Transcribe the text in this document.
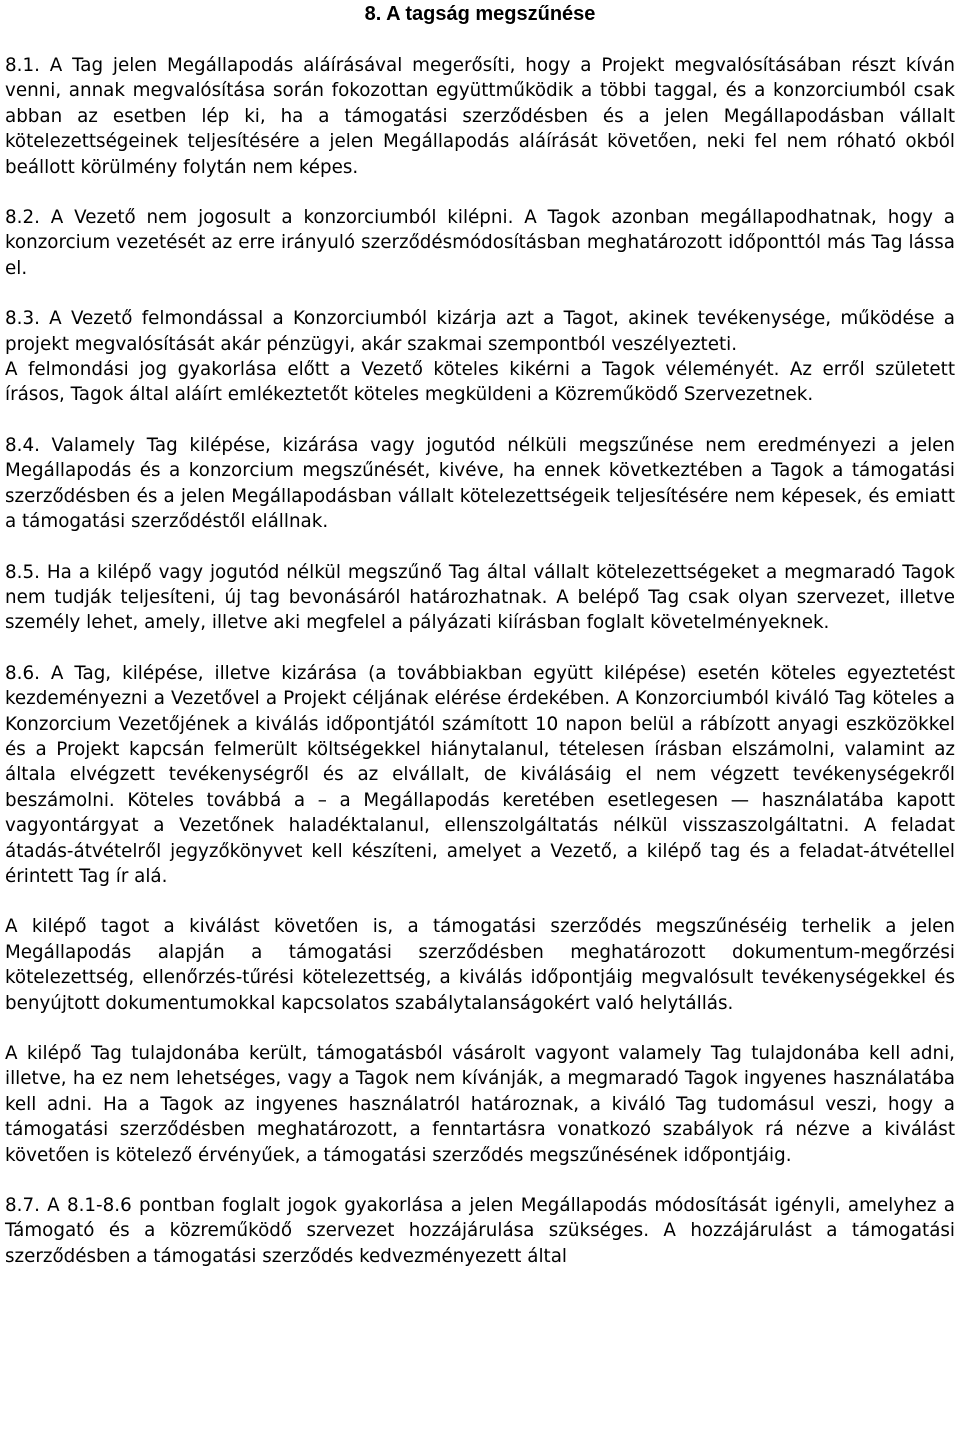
8. A tagság megszűnése

8.1. A Tag jelen Megállapodás aláírásával megerősíti, hogy a Projekt megvalósításában részt kíván venni, annak megvalósítása során fokozottan együttműködik a többi taggal, és a konzorciumból csak abban az esetben lép ki, ha a támogatási szerződésben és a jelen Megállapodásban vállalt kötelezettségeinek teljesítésére a jelen Megállapodás aláírását követően, neki fel nem róható okból beállott körülmény folytán nem képes.

8.2. A Vezető nem jogosult a konzorciumból kilépni. A Tagok azonban megállapodhatnak, hogy a konzorcium vezetését az erre irányuló szerződésmódosításban meghatározott időponttól más Tag lássa el.

8.3. A Vezető felmondással a Konzorciumból kizárja azt a Tagot, akinek tevékenysége, működése a projekt megvalósítását akár pénzügyi, akár szakmai szempontból veszélyezteti.

A felmondási jog gyakorlása előtt a Vezető köteles kikérni a Tagok véleményét. Az erről született írásos, Tagok által aláírt emlékeztetőt köteles megküldeni a Közreműködő Szervezetnek.

8.4. Valamely Tag kilépése, kizárása vagy jogutód nélküli megszűnése nem eredményezi a jelen Megállapodás és a konzorcium megszűnését, kivéve, ha ennek következtében a Tagok a támogatási szerződésben és a jelen Megállapodásban vállalt kötelezettségeik teljesítésére nem képesek, és emiatt a támogatási szerződéstől elállnak.

8.5. Ha a kilépő vagy jogutód nélkül megszűnő Tag által vállalt kötelezettségeket a megmaradó Tagok nem tudják teljesíteni, új tag bevonásáról határozhatnak. A belépő Tag csak olyan szervezet, illetve személy lehet, amely, illetve aki megfelel a pályázati kiírásban foglalt követelményeknek.

8.6. A Tag, kilépése, illetve kizárása (a továbbiakban együtt kilépése) esetén köteles egyeztetést kezdeményezni a Vezetővel a Projekt céljának elérése érdekében. A Konzorciumból kiváló Tag köteles a Konzorcium Vezetőjének a kiválás időpontjától számított 10 napon belül a rábízott anyagi eszközökkel és a Projekt kapcsán felmerült költségekkel hiánytalanul, tételesen írásban elszámolni, valamint az általa elvégzett tevékenységről és az elvállalt, de kiválásáig el nem végzett tevékenységekről beszámolni. Köteles továbbá a – a Megállapodás keretében esetlegesen — használatába kapott vagyontárgyat a Vezetőnek haladéktalanul, ellenszolgáltatás nélkül visszaszolgáltatni. A feladat átadás-átvételről jegyzőkönyvet kell készíteni, amelyet a Vezető, a kilépő tag és a feladat-átvétellel érintett Tag ír alá.

A kilépő tagot a kiválást követően is, a támogatási szerződés megszűnéséig terhelik a jelen Megállapodás alapján a támogatási szerződésben meghatározott dokumentum-megőrzési kötelezettség, ellenőrzés-tűrési kötelezettség, a kiválás időpontjáig megvalósult tevékenységekkel és benyújtott dokumentumokkal kapcsolatos szabálytalanságokért való helytállás.

A kilépő Tag tulajdonába került, támogatásból vásárolt vagyont valamely Tag tulajdonába kell adni, illetve, ha ez nem lehetséges, vagy a Tagok nem kívánják, a megmaradó Tagok ingyenes használatába kell adni. Ha a Tagok az ingyenes használatról határoznak, a kiváló Tag tudomásul veszi, hogy a támogatási szerződésben meghatározott, a fenntartásra vonatkozó szabályok rá nézve a kiválást követően is kötelező érvényűek, a támogatási szerződés megszűnésének időpontjáig.

8.7. A 8.1-8.6 pontban foglalt jogok gyakorlása a jelen Megállapodás módosítását igényli, amelyhez a Támogató és a közreműködő szervezet hozzájárulása szükséges. A hozzájárulást a támogatási szerződésben a támogatási szerződés kedvezményezett által
